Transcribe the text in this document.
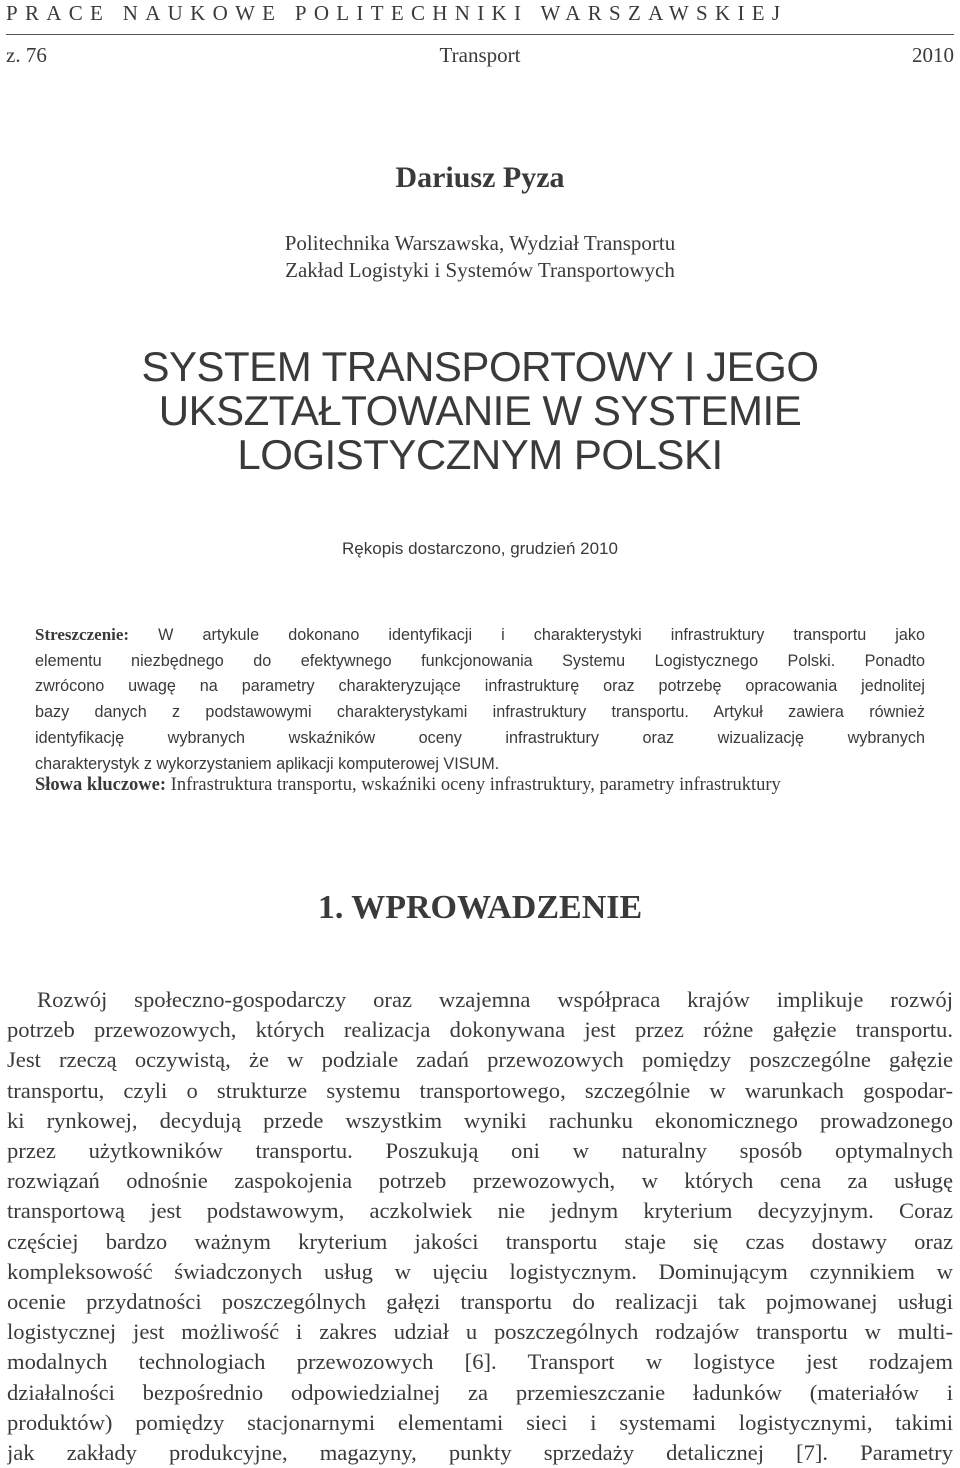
PRACE NAUKOWE POLITECHNIKI WARSZAWSKIEJ
z. 76	Transport	2010
Dariusz Pyza
Politechnika Warszawska, Wydział Transportu
Zakład Logistyki i Systemów Transportowych
SYSTEM TRANSPORTOWY I JEGO
UKSZTAŁTOWANIE W SYSTEMIE
LOGISTYCZNYM POLSKI
Rękopis dostarczono, grudzień 2010
Streszczenie: W artykule dokonano identyfikacji i charakterystyki infrastruktury transportu jako
elementu niezbędnego do efektywnego funkcjonowania Systemu Logistycznego Polski. Ponadto
zwrócono uwagę na parametry charakteryzujące infrastrukturę oraz potrzebę opracowania jednolitej
bazy danych z podstawowymi charakterystykami infrastruktury transportu. Artykuł zawiera również
identyfikację wybranych wskaźników oceny infrastruktury oraz wizualizację wybranych
charakterystyk z wykorzystaniem aplikacji komputerowej VISUM.
Słowa kluczowe: Infrastruktura transportu, wskaźniki oceny infrastruktury, parametry infrastruktury
1. WPROWADZENIE
Rozwój społeczno-gospodarczy oraz wzajemna współpraca krajów implikuje rozwój
potrzeb przewozowych, których realizacja dokonywana jest przez różne gałęzie transportu.
Jest rzeczą oczywistą, że w podziale zadań przewozowych pomiędzy poszczególne gałęzie
transportu, czyli o strukturze systemu transportowego, szczególnie w warunkach gospodar-
ki rynkowej, decydują przede wszystkim wyniki rachunku ekonomicznego prowadzonego
przez użytkowników transportu. Poszukują oni w naturalny sposób optymalnych
rozwiązań odnośnie zaspokojenia potrzeb przewozowych, w których cena za usługę
transportową jest podstawowym, aczkolwiek nie jednym kryterium decyzyjnym. Coraz
częściej bardzo ważnym kryterium jakości transportu staje się czas dostawy oraz
kompleksowość świadczonych usług w ujęciu logistycznym. Dominującym czynnikiem w
ocenie przydatności poszczególnych gałęzi transportu do realizacji tak pojmowanej usługi
logistycznej jest możliwość i zakres udział u poszczególnych rodzajów transportu w multi-
modalnych technologiach przewozowych [6]. Transport w logistyce jest rodzajem
działalności bezpośrednio odpowiedzialnej za przemieszczanie ładunków (materiałów i
produktów) pomiędzy stacjonarnymi elementami sieci i systemami logistycznymi, takimi
jak zakłady produkcyjne, magazyny, punkty sprzedaży detalicznej [7]. Parametry
